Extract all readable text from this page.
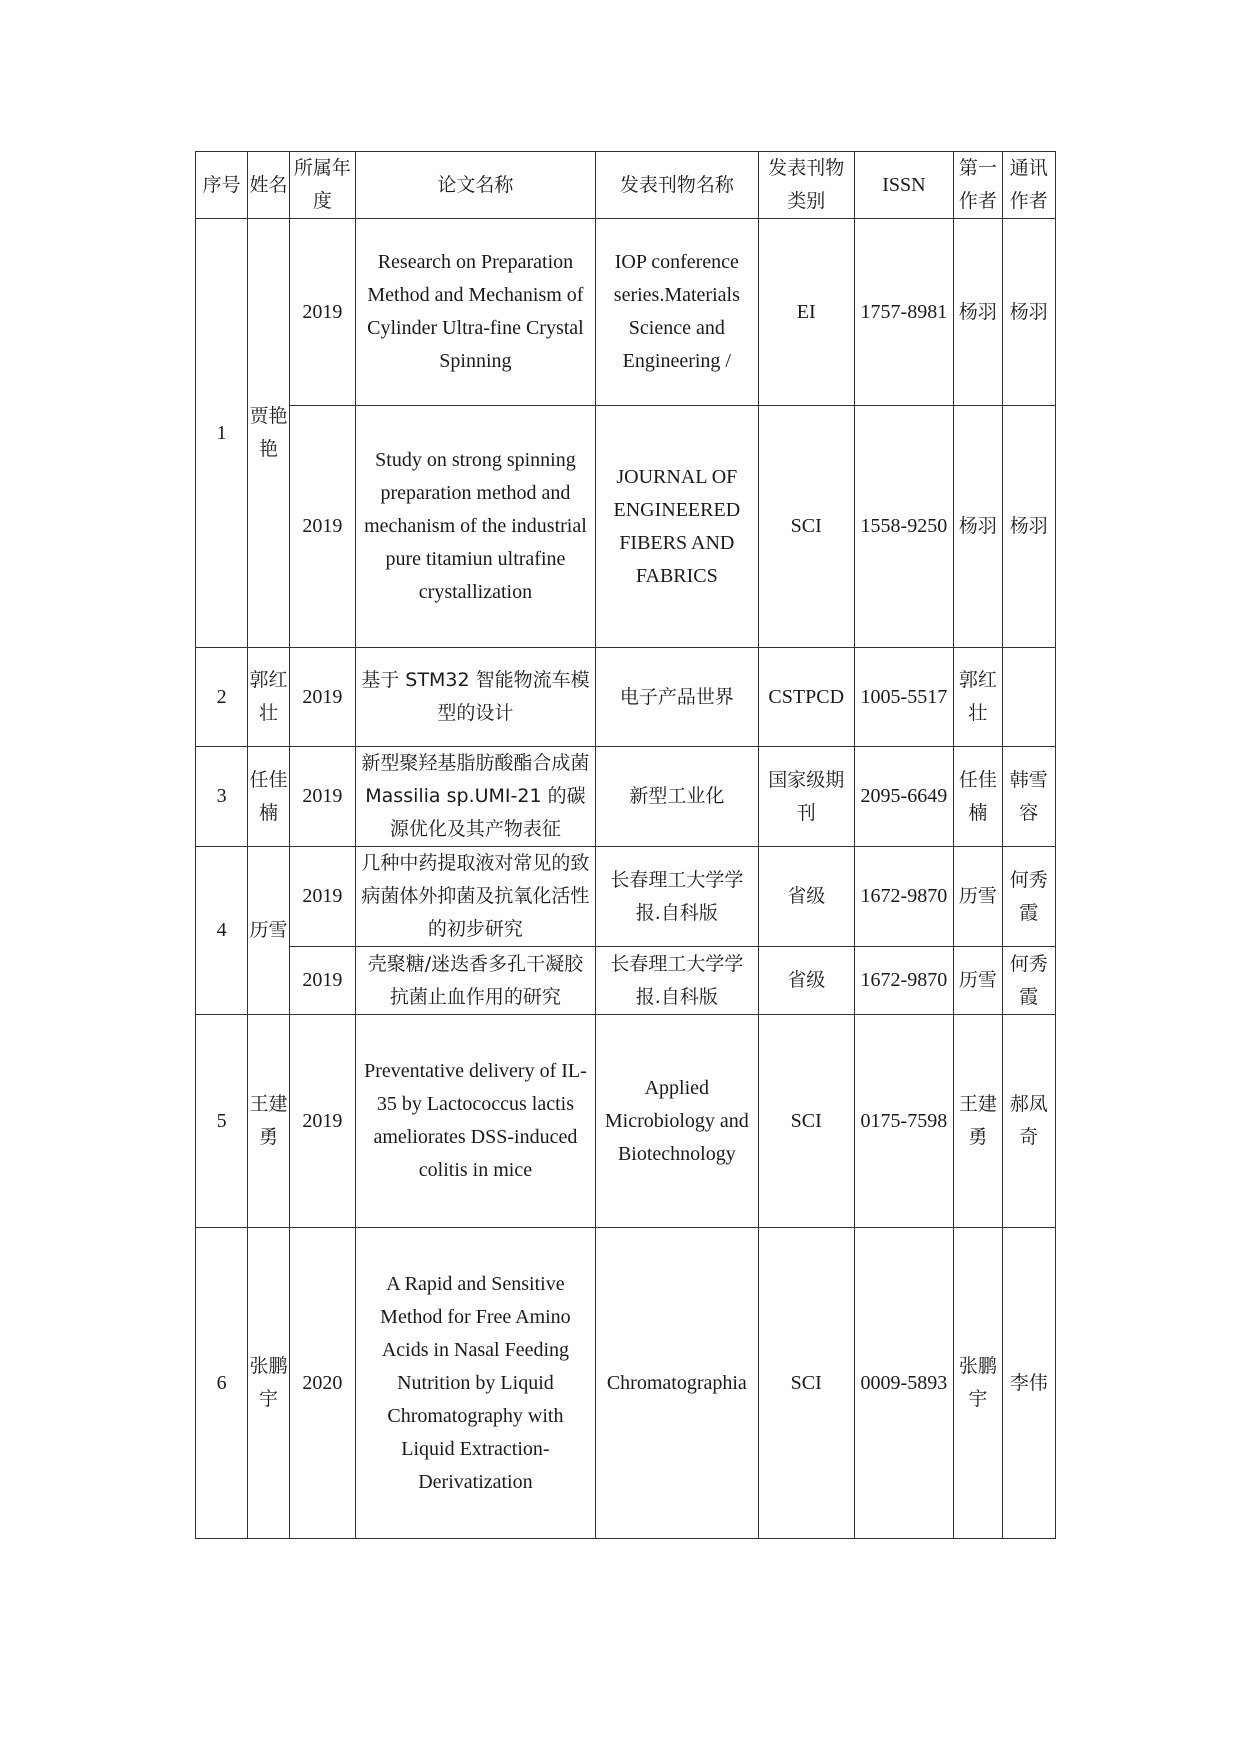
序号	姓名	所属年度	论文名称	发表刊物名称	发表刊物类别	ISSN	第一作者	通讯作者
1	贾艳艳	2019	Research on Preparation Method and Mechanism of Cylinder Ultra-fine Crystal Spinning	IOP conference series.Materials Science and Engineering /	EI	1757-8981	杨羽	杨羽
		2019	Study on strong spinning preparation method and mechanism of the industrial pure titamiun ultrafine crystallization	JOURNAL OF ENGINEERED FIBERS AND FABRICS	SCI	1558-9250	杨羽	杨羽
2	郭红壮	2019	基于 STM32 智能物流车模型的设计	电子产品世界	CSTPCD	1005-5517	郭红壮	
3	任佳楠	2019	新型聚羟基脂肪酸酯合成菌 Massilia sp.UMI-21 的碳源优化及其产物表征	新型工业化	国家级期刊	2095-6649	任佳楠	韩雪容
4	历雪	2019	几种中药提取液对常见的致病菌体外抑菌及抗氧化活性的初步研究	长春理工大学学报.自科版	省级	1672-9870	历雪	何秀霞
		2019	壳聚糖/迷迭香多孔干凝胶抗菌止血作用的研究	长春理工大学学报.自科版	省级	1672-9870	历雪	何秀霞
5	王建勇	2019	Preventative delivery of IL-35 by Lactococcus lactis ameliorates DSS-induced colitis in mice	Applied Microbiology and Biotechnology	SCI	0175-7598	王建勇	郝凤奇
6	张鹏宇	2020	A Rapid and Sensitive Method for Free Amino Acids in Nasal Feeding Nutrition by Liquid Chromatography with Liquid Extraction-Derivatization	Chromatographia	SCI	0009-5893	张鹏宇	李伟
